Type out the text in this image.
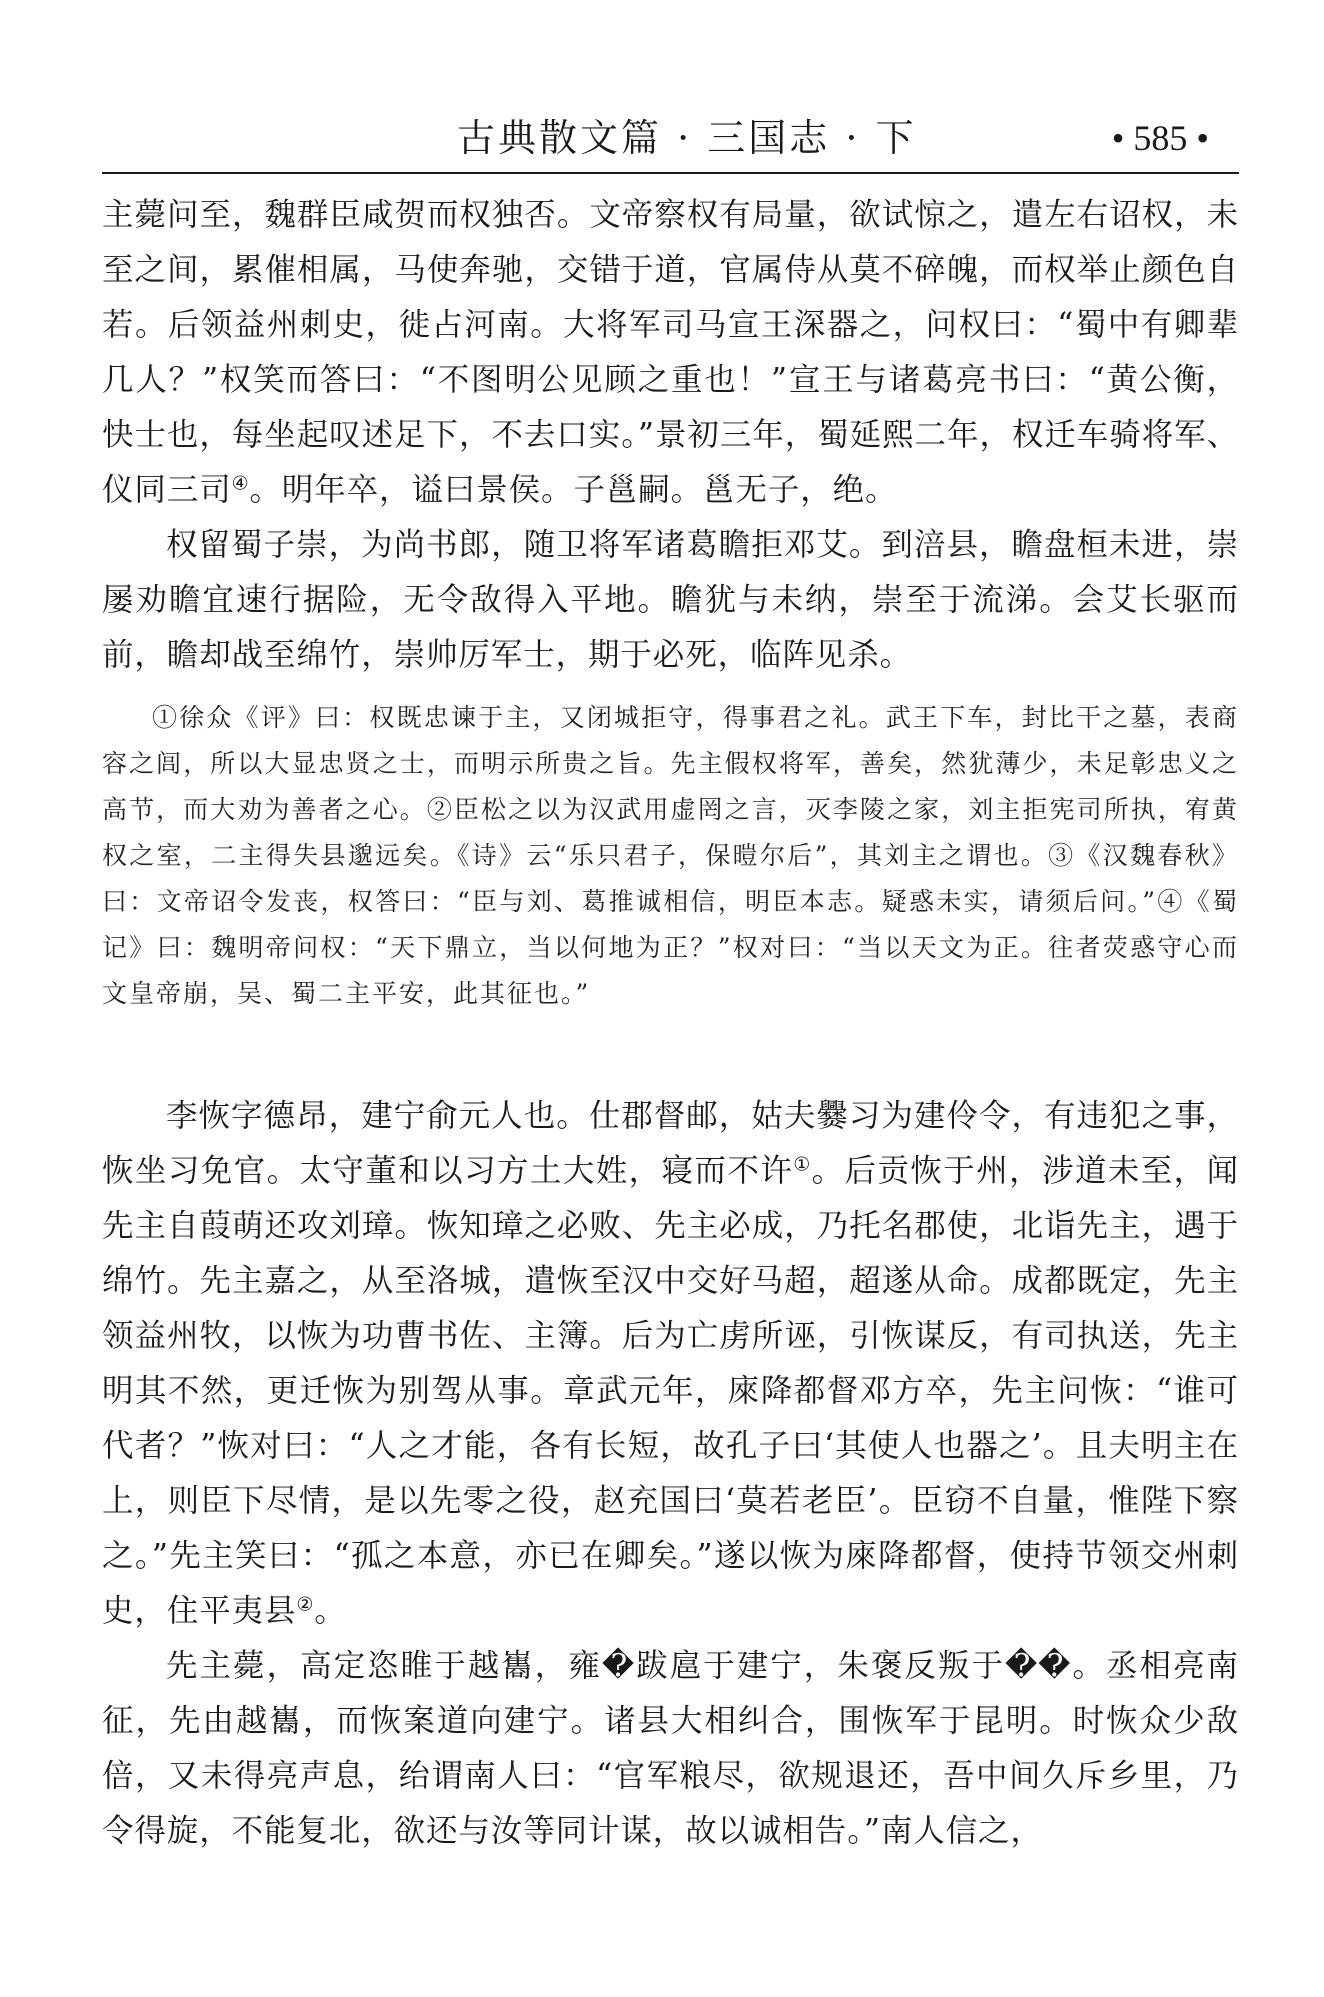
古典散文篇 · 三国志 · 下	• 585 •

主薨问至，魏群臣咸贺而权独否。文帝察权有局量，欲试惊之，遣左右诏权，未至之间，累催相属，马使奔驰，交错于道，官属侍从莫不碎魄，而权举止颜色自若。后领益州刺史，徙占河南。大将军司马宣王深器之，问权曰：“蜀中有卿辈几人？”权笑而答曰：“不图明公见顾之重也！”宣王与诸葛亮书曰：“黄公衡，快士也，每坐起叹述足下，不去口实。”景初三年，蜀延熙二年，权迁车骑将军、仪同三司④。明年卒，谥曰景侯。子邕嗣。邕无子，绝。

权留蜀子崇，为尚书郎，随卫将军诸葛瞻拒邓艾。到涪县，瞻盘桓未进，崇屡劝瞻宜速行据险，无令敌得入平地。瞻犹与未纳，崇至于流涕。会艾长驱而前，瞻却战至绵竹，崇帅厉军士，期于必死，临阵见杀。

①徐众《评》曰：权既忠谏于主，又闭城拒守，得事君之礼。武王下车，封比干之墓，表商容之闾，所以大显忠贤之士，而明示所贵之旨。先主假权将军，善矣，然犹薄少，未足彰忠义之高节，而大劝为善者之心。②臣松之以为汉武用虚罔之言，灭李陵之家，刘主拒宪司所执，宥黄权之室，二主得失县邈远矣。《诗》云“乐只君子，保暟尔后”，其刘主之谓也。③《汉魏春秋》曰：文帝诏令发丧，权答曰：“臣与刘、葛推诚相信，明臣本志。疑惑未实，请须后问。”④《蜀记》曰：魏明帝问权：“天下鼎立，当以何地为正？”权对曰：“当以天文为正。往者荧惑守心而文皇帝崩，吴、蜀二主平安，此其征也。”

李恢字德昂，建宁俞元人也。仕郡督邮，姑夫爨习为建伶令，有违犯之事，恢坐习免官。太守董和以习方土大姓，寝而不许①。后贡恢于州，涉道未至，闻先主自葭萌还攻刘璋。恢知璋之必败、先主必成，乃托名郡使，北诣先主，遇于绵竹。先主嘉之，从至洛城，遣恢至汉中交好马超，超遂从命。成都既定，先主领益州牧，以恢为功曹书佐、主簿。后为亡虏所诬，引恢谋反，有司执送，先主明其不然，更迁恢为别驾从事。章武元年，庲降都督邓方卒，先主问恢：“谁可代者？”恢对曰：“人之才能，各有长短，故孔子曰‘其使人也器之’。且夫明主在上，则臣下尽情，是以先零之役，赵充国曰‘莫若老臣’。臣窃不自量，惟陛下察之。”先主笑曰：“孤之本意，亦已在卿矣。”遂以恢为庲降都督，使持节领交州刺史，住平夷县②。

先主薨，高定恣睢于越巂，雍�跋扈于建宁，朱褒反叛于��。丞相亮南征，先由越巂，而恢案道向建宁。诸县大相纠合，围恢军于昆明。时恢众少敌倍，又未得亮声息，绐谓南人曰：“官军粮尽，欲规退还，吾中间久斥乡里，乃令得旋，不能复北，欲还与汝等同计谋，故以诚相告。”南人信之，
